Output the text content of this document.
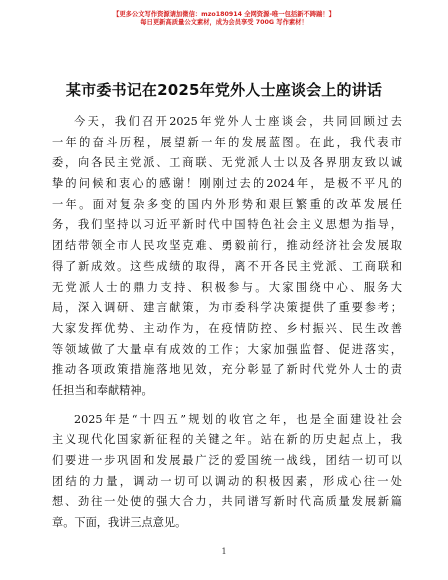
【更多公文写作资源请加微信：mzo180914 全网资源-唯一包括新不踌踹！】
每日更新高质量公文素材，成为会员享受 700G 写作素材！
某市委书记在2025年党外人士座谈会上的讲话
今天，我们召开2025年党外人士座谈会，共同回顾过去
一年的奋斗历程，展望新一年的发展蓝图。在此，我代表市
委，向各民主党派、工商联、无党派人士以及各界朋友致以诚
挚的问候和衷心的感谢！刚刚过去的2024年，是极不平凡的
一年。面对复杂多变的国内外形势和艰巨繁重的改革发展任
务，我们坚持以习近平新时代中国特色社会主义思想为指导，
团结带领全市人民攻坚克难、勇毅前行，推动经济社会发展取
得了新成效。这些成绩的取得，离不开各民主党派、工商联和
无党派人士的鼎力支持、积极参与。大家围绕中心、服务大
局，深入调研、建言献策，为市委科学决策提供了重要参考；
大家发挥优势、主动作为，在疫情防控、乡村振兴、民生改善
等领域做了大量卓有成效的工作；大家加强监督、促进落实，
推动各项政策措施落地见效，充分彰显了新时代党外人士的责
任担当和奉献精神。
2025年是“十四五”规划的收官之年，也是全面建设社会
主义现代化国家新征程的关键之年。站在新的历史起点上，我
们要进一步巩固和发展最广泛的爱国统一战线，团结一切可以
团结的力量，调动一切可以调动的积极因素，形成心往一处
想、劲往一处使的强大合力，共同谱写新时代高质量发展新篇
章。下面，我讲三点意见。
1
